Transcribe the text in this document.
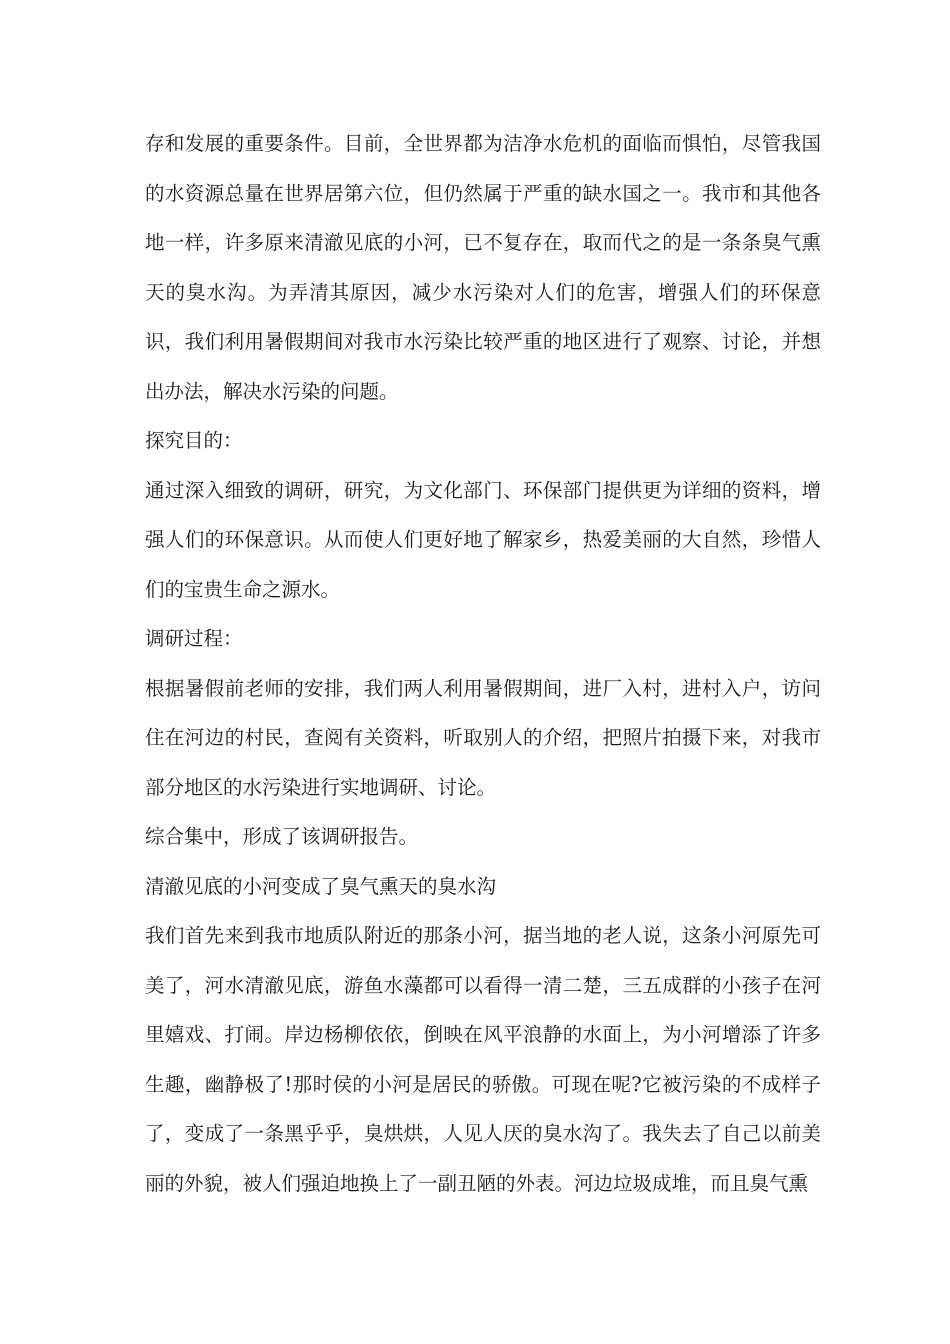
存和发展的重要条件。目前，全世界都为洁净水危机的面临而惧怕，尽管我国的水资源总量在世界居第六位，但仍然属于严重的缺水国之一。我市和其他各地一样，许多原来清澈见底的小河，已不复存在，取而代之的是一条条臭气熏天的臭水沟。为弄清其原因，减少水污染对人们的危害，增强人们的环保意识，我们利用暑假期间对我市水污染比较严重的地区进行了观察、讨论，并想出办法，解决水污染的问题。

探究目的：

通过深入细致的调研，研究，为文化部门、环保部门提供更为详细的资料，增强人们的环保意识。从而使人们更好地了解家乡，热爱美丽的大自然，珍惜人们的宝贵生命之源水。

调研过程：

根据暑假前老师的安排，我们两人利用暑假期间，进厂入村，进村入户，访问住在河边的村民，查阅有关资料，听取别人的介绍，把照片拍摄下来，对我市部分地区的水污染进行实地调研、讨论。

综合集中，形成了该调研报告。

清澈见底的小河变成了臭气熏天的臭水沟

我们首先来到我市地质队附近的那条小河，据当地的老人说，这条小河原先可美了，河水清澈见底，游鱼水藻都可以看得一清二楚，三五成群的小孩子在河里嬉戏、打闹。岸边杨柳依依，倒映在风平浪静的水面上，为小河增添了许多生趣，幽静极了!那时侯的小河是居民的骄傲。可现在呢?它被污染的不成样子了，变成了一条黑乎乎，臭烘烘，人见人厌的臭水沟了。我失去了自己以前美丽的外貌，被人们强迫地换上了一副丑陋的外表。河边垃圾成堆，而且臭气熏
